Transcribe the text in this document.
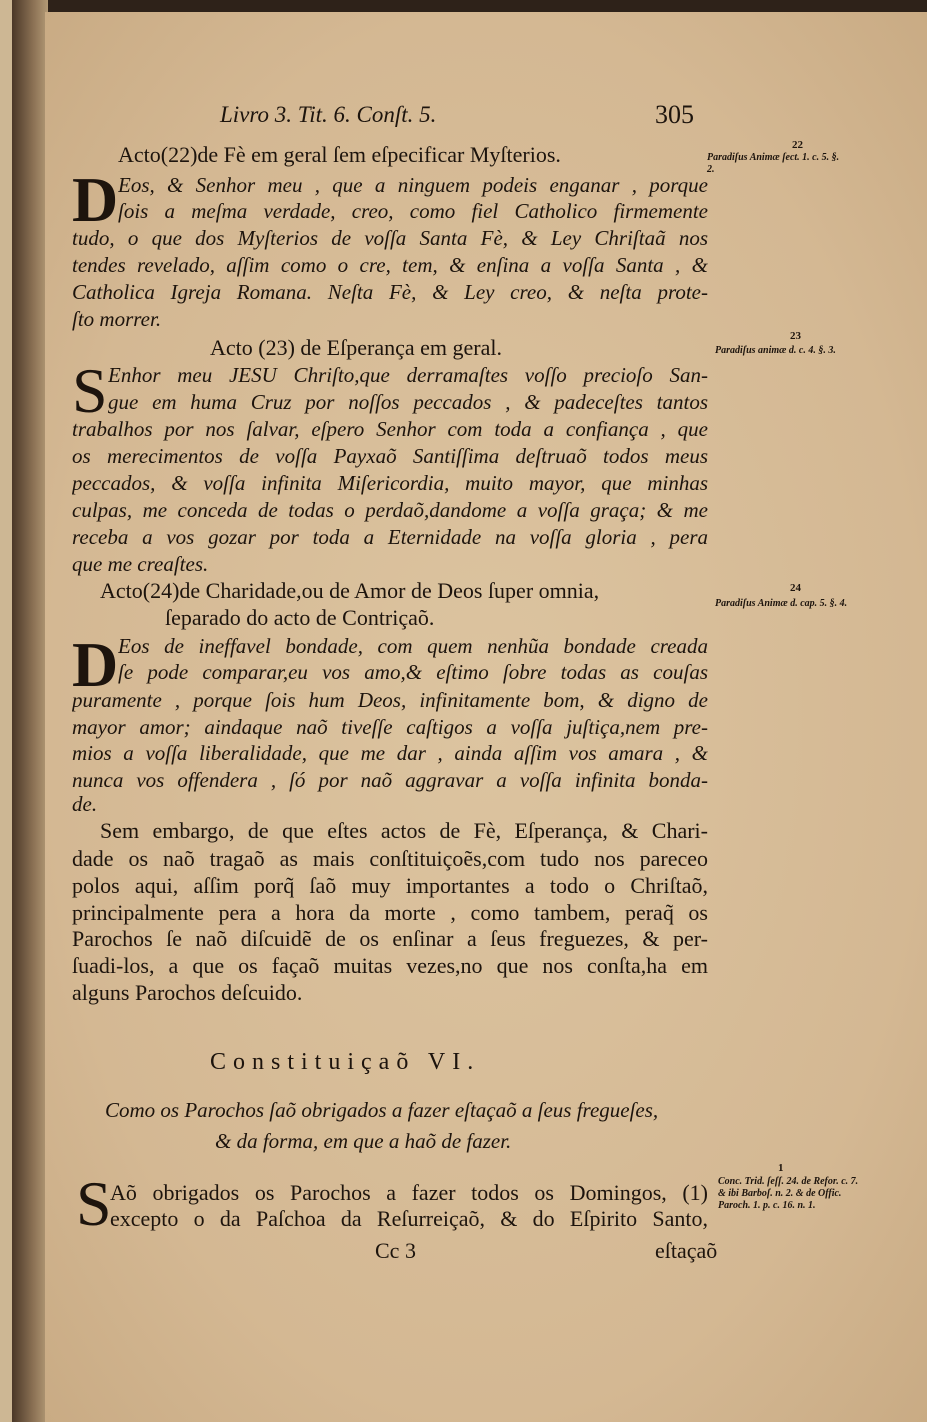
Livro 3. Tit. 6. Conſt. 5.	305
Acto(22)de Fè em geral ſem eſpecificar Myſterios.
D Eos, & Senhor meu , que a ninguem podeis enganar , porque
ſois a meſma verdade, creo, como fiel Catholico firmemente
tudo, o que dos Myſterios de voſſa Santa Fè, & Ley Chriſtaã nos
tendes revelado, aſſim como o cre, tem, & enſina a voſſa Santa , &
Catholica Igreja Romana. Neſta Fè, & Ley creo, & neſta prote-
ſto morrer.
22
Paradiſus Animæ ſect. 1. c. 5. §. 2.
Acto (23) de Eſperança em geral.
S Enhor meu JESU Chriſto,que derramaſtes voſſo precioſo San-
gue em huma Cruz por noſſos peccados , & padeceſtes tantos
trabalhos por nos ſalvar, eſpero Senhor com toda a confiança , que
os merecimentos de voſſa Payxaõ Santiſſima deſtruaõ todos meus
peccados, & voſſa infinita Miſericordia, muito mayor, que minhas
culpas, me conceda de todas o perdaõ,dandome a voſſa graça; & me
receba a vos gozar por toda a Eternidade na voſſa gloria , pera
que me creaſtes.
23
Paradiſus animæ d. c. 4. §. 3.
Acto(24)de Charidade,ou de Amor de Deos ſuper omnia,
ſeparado do acto de Contriçaõ.
D Eos de ineffavel bondade, com quem nenhũa bondade creada
ſe pode comparar,eu vos amo,& eſtimo ſobre todas as couſas
puramente , porque ſois hum Deos, infinitamente bom, & digno de
mayor amor; aindaque naõ tiveſſe caſtigos a voſſa juſtiça,nem pre-
mios a voſſa liberalidade, que me dar , ainda aſſim vos amara , &
nunca vos offendera , ſó por naõ aggravar a voſſa infinita bonda-
de.
24
Paradiſus Animæ d. cap. 5. §. 4.
Sem embargo, de que eſtes actos de Fè, Eſperança, & Chari-
dade os naõ tragaõ as mais conſtituiçoẽs,com tudo nos pareceo
polos aqui, aſſim porq̃ ſaõ muy importantes a todo o Chriſtaõ,
principalmente pera a hora da morte , como tambem, peraq̃ os
Parochos ſe naõ diſcuidẽ de os enſinar a ſeus freguezes, & per-
ſuadi-los, a que os façaõ muitas vezes,no que nos conſta,ha em
alguns Parochos deſcuido.
Constituiçaõ VI.
Como os Parochos ſaõ obrigados a fazer eſtaçaõ a ſeus fregueſes,
& da forma, em que a haõ de fazer.
S
Aõ obrigados os Parochos a fazer todos os Domingos, (1)
excepto o da Paſchoa da Reſurreiçaõ, & do Eſpirito Santo,
1
Conc. Trid. ſeſſ. 24. de Refor. c. 7. & ibi Barboſ. n. 2. & de Offic. Paroch. 1. p. c. 16. n. 1.
Cc 3	eſtaçaõ
